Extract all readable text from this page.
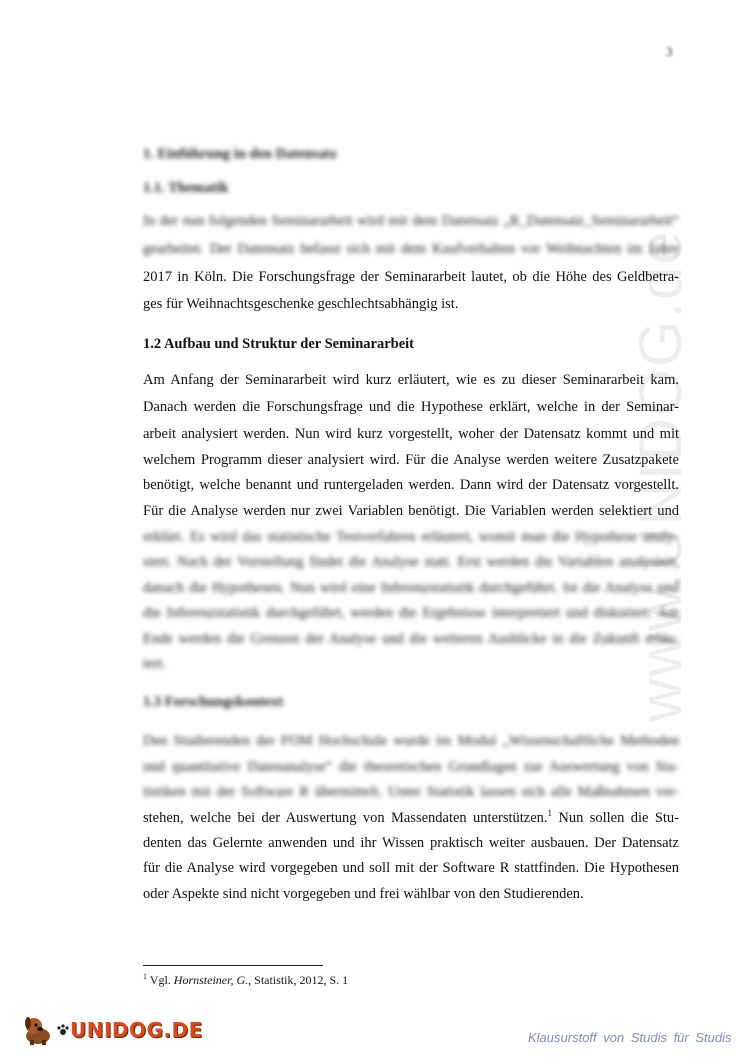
3
www.UNIDOG.de
1. Einführung in den Datensatz
1.1. Thematik
In der nun folgenden Seminararbeit wird mit dem Datensatz „R_Datensatz_Seminararbeit“
gearbeitet. Der Datensatz befasst sich mit dem Kaufverhalten vor Weihnachten im Jahre
2017 in Köln. Die Forschungsfrage der Seminararbeit lautet, ob die Höhe des Geldbetra-
ges für Weihnachtsgeschenke geschlechtsabhängig ist.
1.2 Aufbau und Struktur der Seminararbeit
Am Anfang der Seminararbeit wird kurz erläutert, wie es zu dieser Seminararbeit kam.
Danach werden die Forschungsfrage und die Hypothese erklärt, welche in der Seminar-
arbeit analysiert werden. Nun wird kurz vorgestellt, woher der Datensatz kommt und mit
welchem Programm dieser analysiert wird. Für die Analyse werden weitere Zusatzpakete
benötigt, welche benannt und runtergeladen werden. Dann wird der Datensatz vorgestellt.
Für die Analyse werden nur zwei Variablen benötigt. Die Variablen werden selektiert und
erklärt. Es wird das statistische Testverfahren erläutert, womit man die Hypothese analy-
siert. Nach der Vorstellung findet die Analyse statt. Erst werden die Variablen analysiert,
danach die Hypothesen. Nun wird eine Inferenzstatistik durchgeführt. Ist die Analyse und
die Inferenzstatistik durchgeführt, werden die Ergebnisse interpretiert und diskutiert. Am
Ende werden die Grenzen der Analyse und die weiteren Ausblicke in die Zukunft erläu-
tert.
1.3 Forschungskontext
Den Studierenden der FOM Hochschule wurde im Modul „Wissenschaftliche Methoden
und quantitative Datenanalyse“ die theoretischen Grundlagen zur Auswertung von Sta-
tistiken mit der Software R übermittelt. Unter Statistik lassen sich alle Maßnahmen ver-
stehen, welche bei der Auswertung von Massendaten unterstützen.$^1$ Nun sollen die Stu-
denten das Gelernte anwenden und ihr Wissen praktisch weiter ausbauen. Der Datensatz
für die Analyse wird vorgegeben und soll mit der Software R stattfinden. Die Hypothesen
oder Aspekte sind nicht vorgegeben und frei wählbar von den Studierenden.
$^1$ Vgl. Hornsteiner, G., Statistik, 2012, S. 1
UNIDOG.DE	Klausurstoff von Studis für Studis
